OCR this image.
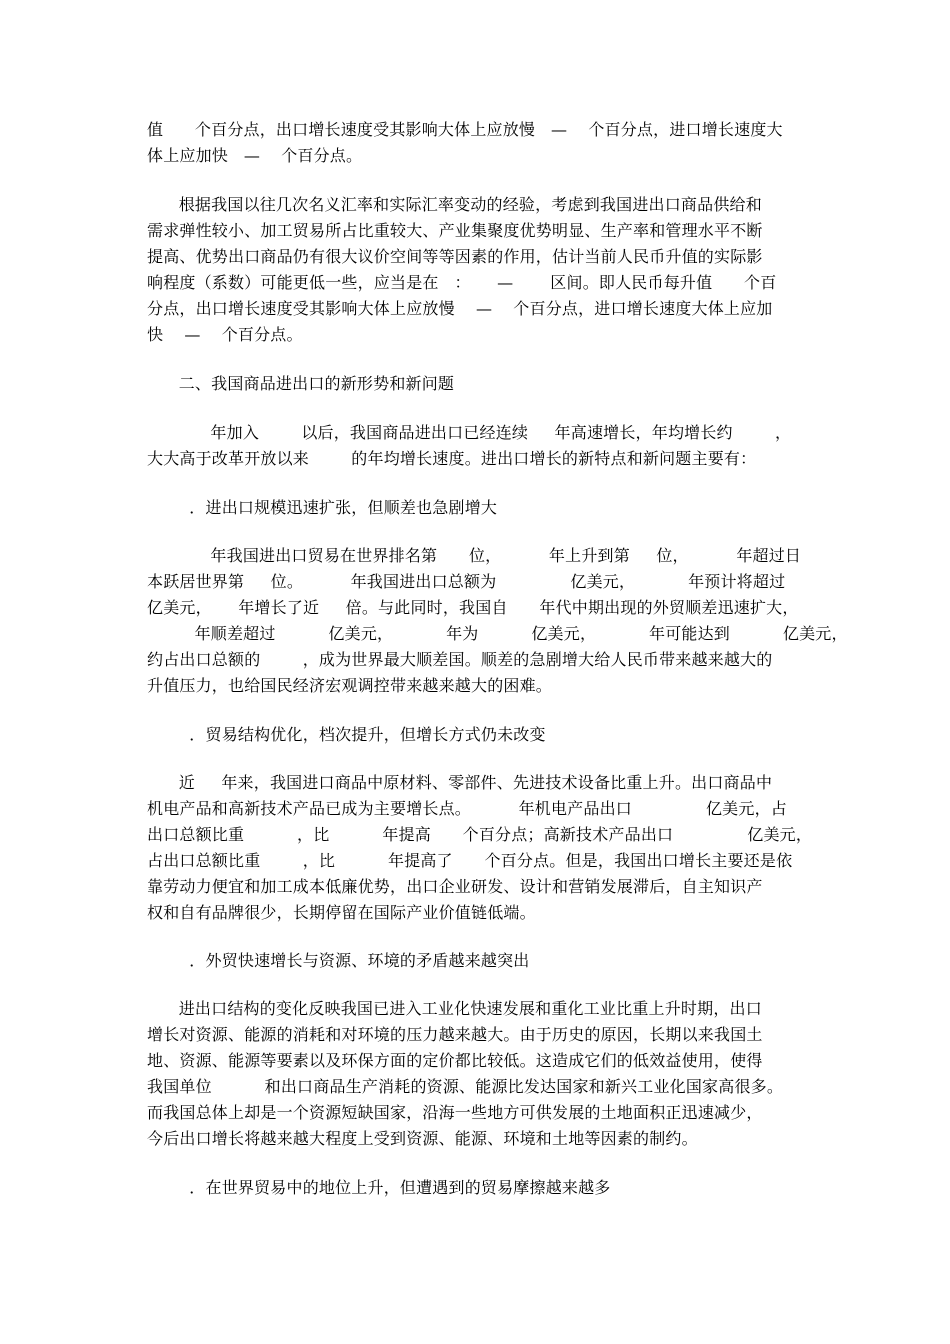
值      个百分点，出口增长速度受其影响大体上应放慢   —    个百分点，进口增长速度大
体上应加快   —    个百分点。
根据我国以往几次名义汇率和实际汇率变动的经验，考虑到我国进出口商品供给和
需求弹性较小、加工贸易所占比重较大、产业集聚度优势明显、生产率和管理水平不断
提高、优势出口商品仍有很大议价空间等等因素的作用，估计当前人民币升值的实际影
响程度（系数）可能更低一些，应当是在   ：     —       区间。即人民币每升值      个百
分点，出口增长速度受其影响大体上应放慢    —    个百分点，进口增长速度大体上应加
快    —    个百分点。
二、我国商品进出口的新形势和新问题
年加入        以后，我国商品进出口已经连续     年高速增长，年均增长约        ，
大大高于改革开放以来        的年均增长速度。进出口增长的新特点和新问题主要有：
．进出口规模迅速扩张，但顺差也急剧增大
年我国进出口贸易在世界排名第      位，         年上升到第     位，         年超过日
本跃居世界第     位。         年我国进出口总额为              亿美元，          年预计将超过
亿美元，     年增长了近     倍。与此同时，我国自      年代中期出现的外贸顺差迅速扩大，
年顺差超过          亿美元，          年为          亿美元，          年可能达到          亿美元，
约占出口总额的        ，成为世界最大顺差国。顺差的急剧增大给人民币带来越来越大的
升值压力，也给国民经济宏观调控带来越来越大的困难。
．贸易结构优化，档次提升，但增长方式仍未改变
近     年来，我国进口商品中原材料、零部件、先进技术设备比重上升。出口商品中
机电产品和高新技术产品已成为主要增长点。         年机电产品出口              亿美元，占
出口总额比重          ，比          年提高      个百分点；高新技术产品出口              亿美元，
占出口总额比重        ，比          年提高了      个百分点。但是，我国出口增长主要还是依
靠劳动力便宜和加工成本低廉优势，出口企业研发、设计和营销发展滞后，自主知识产
权和自有品牌很少，长期停留在国际产业价值链低端。
．外贸快速增长与资源、环境的矛盾越来越突出
进出口结构的变化反映我国已进入工业化快速发展和重化工业比重上升时期，出口
增长对资源、能源的消耗和对环境的压力越来越大。由于历史的原因，长期以来我国土
地、资源、能源等要素以及环保方面的定价都比较低。这造成它们的低效益使用，使得
我国单位          和出口商品生产消耗的资源、能源比发达国家和新兴工业化国家高很多。
而我国总体上却是一个资源短缺国家，沿海一些地方可供发展的土地面积正迅速减少，
今后出口增长将越来越大程度上受到资源、能源、环境和土地等因素的制约。
．在世界贸易中的地位上升，但遭遇到的贸易摩擦越来越多
